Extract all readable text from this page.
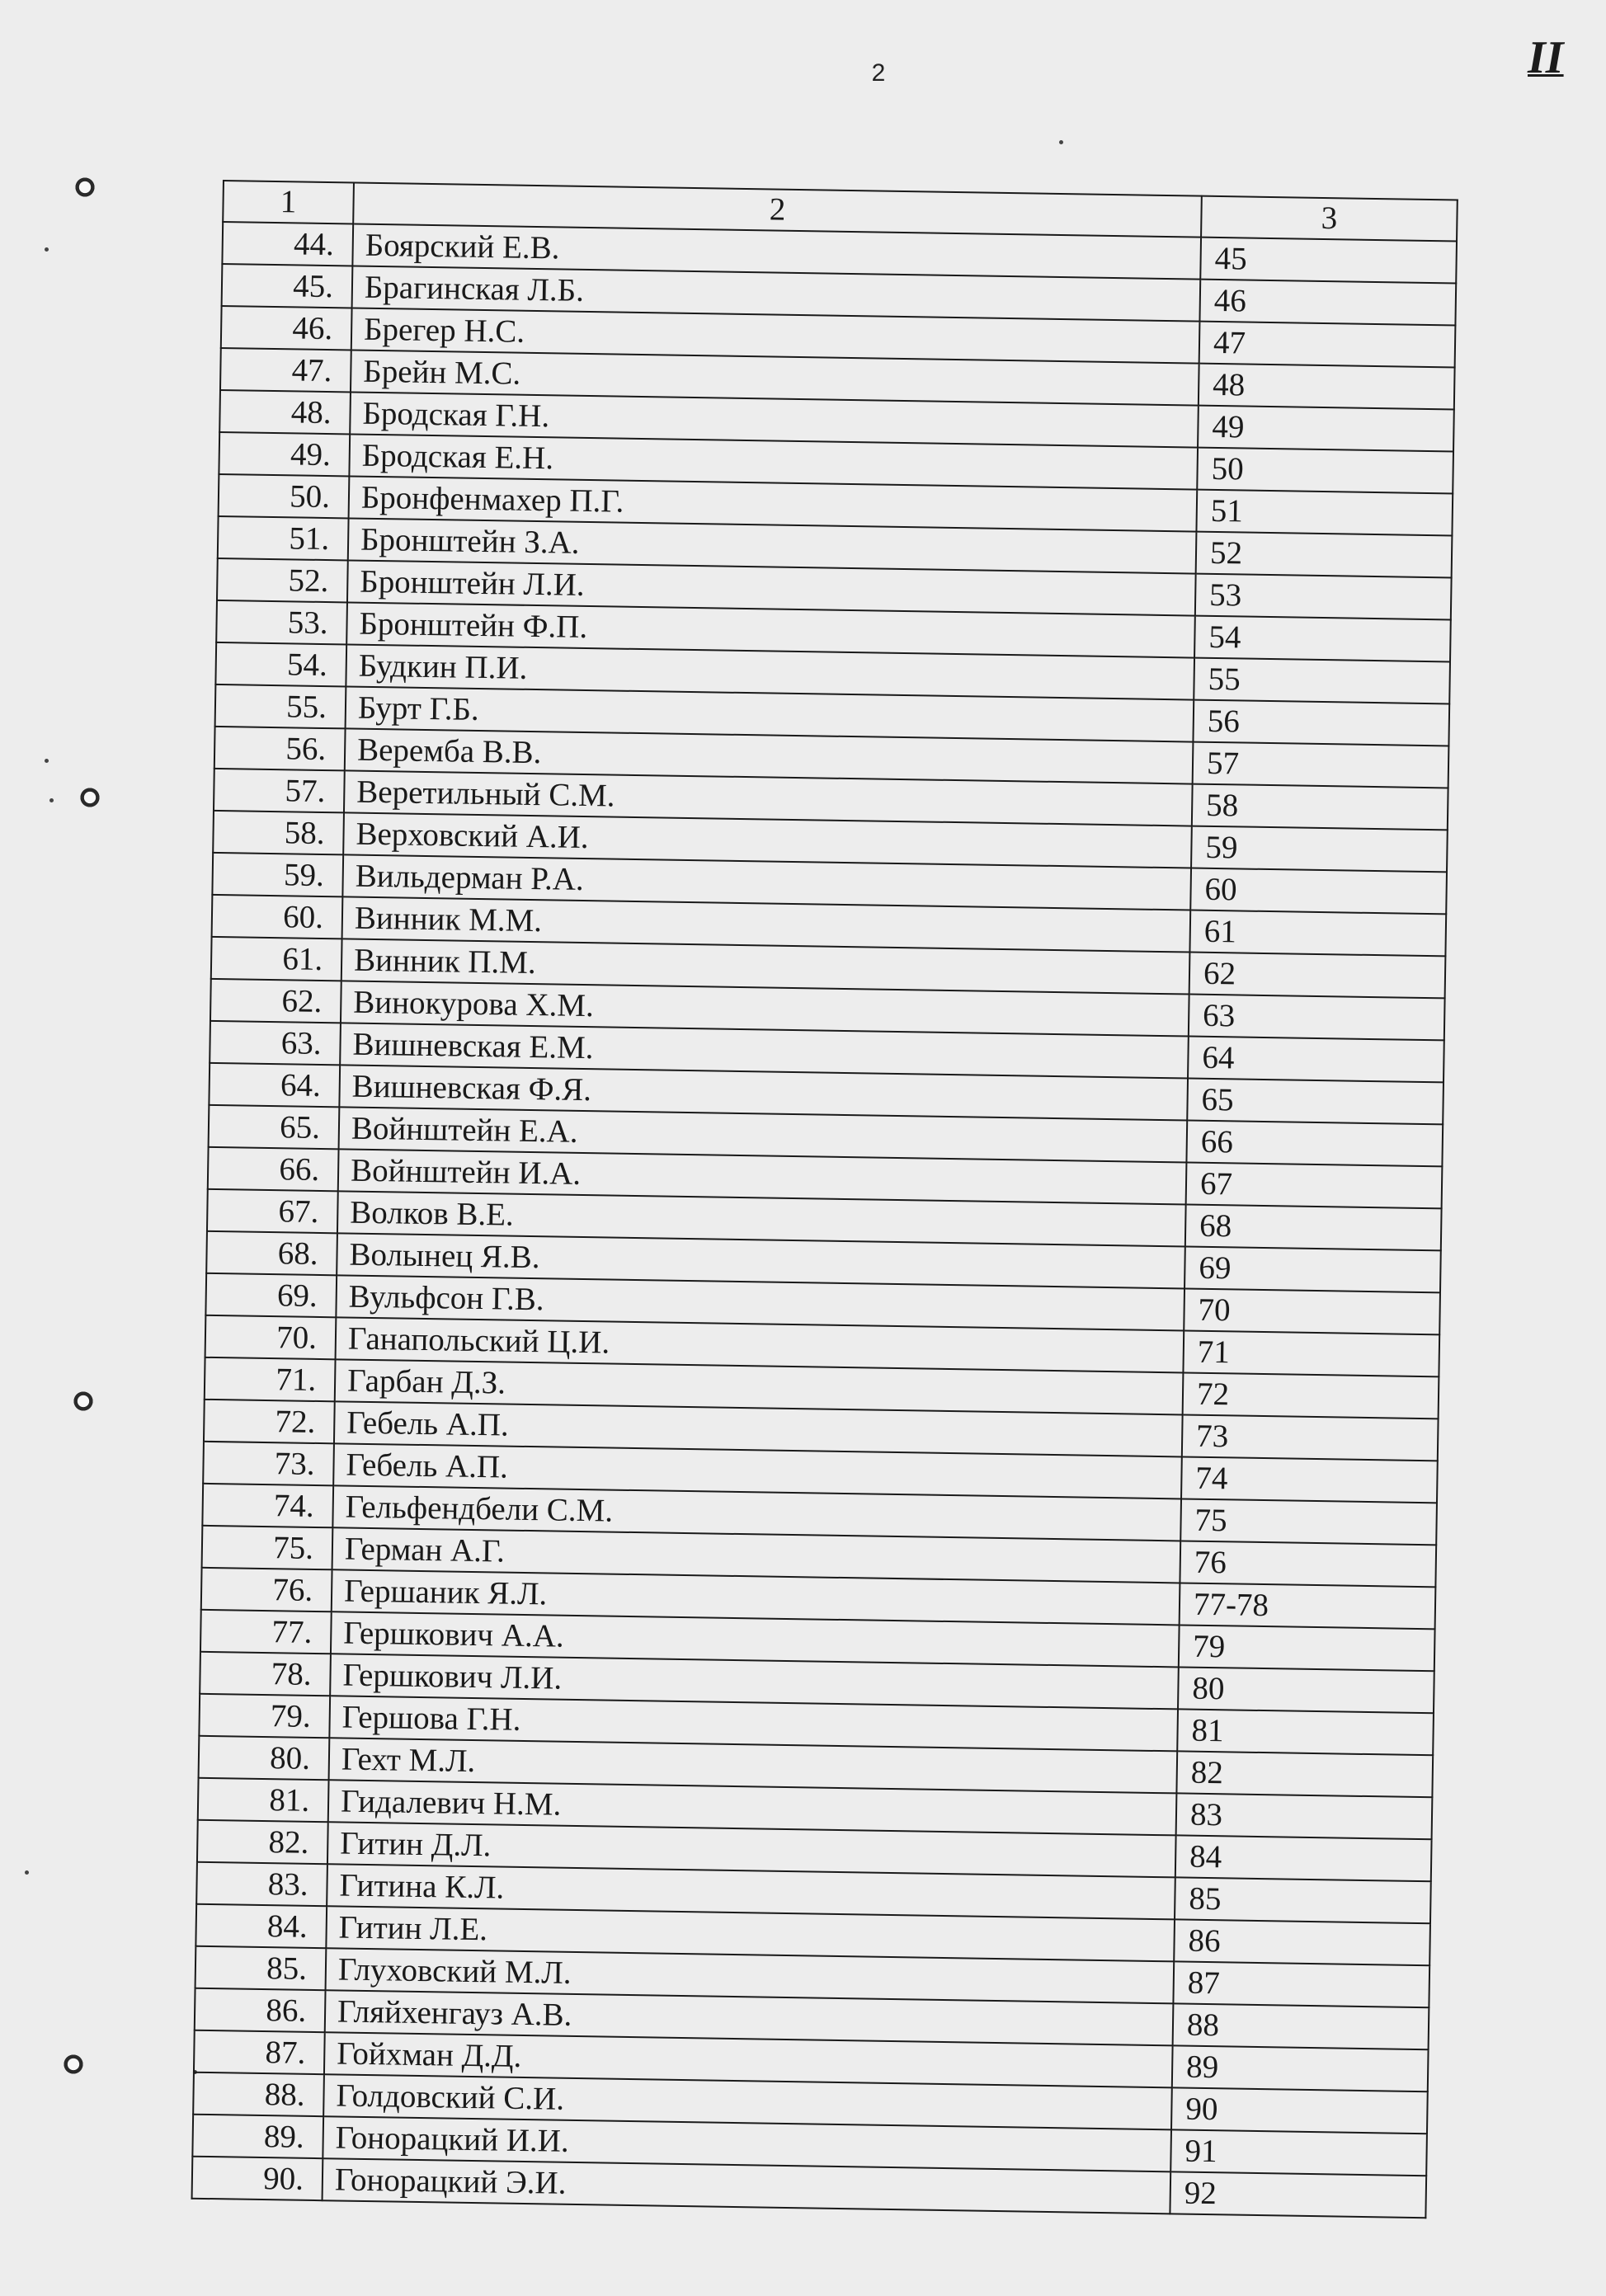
2	II
1	2	3
44.	Боярский Е.В.	45
45.	Брагинская Л.Б.	46
46.	Брегер Н.С.	47
47.	Брейн М.С.	48
48.	Бродская Г.Н.	49
49.	Бродская Е.Н.	50
50.	Бронфенмахер П.Г.	51
51.	Бронштейн З.А.	52
52.	Бронштейн Л.И.	53
53.	Бронштейн Ф.П.	54
54.	Будкин П.И.	55
55.	Бурт Г.Б.	56
56.	Веремба В.В.	57
57.	Веретильный С.М.	58
58.	Верховский А.И.	59
59.	Вильдерман Р.А.	60
60.	Винник М.М.	61
61.	Винник П.М.	62
62.	Винокурова Х.М.	63
63.	Вишневская Е.М.	64
64.	Вишневская Ф.Я.	65
65.	Войнштейн Е.А.	66
66.	Войнштейн И.А.	67
67.	Волков В.Е.	68
68.	Волынец Я.В.	69
69.	Вульфсон Г.В.	70
70.	Ганапольский Ц.И.	71
71.	Гарбан Д.З.	72
72.	Гебель А.П.	73
73.	Гебель А.П.	74
74.	Гельфендбели С.М.	75
75.	Герман А.Г.	76
76.	Гершаник Я.Л.	77-78
77.	Гершкович А.А.	79
78.	Гершкович Л.И.	80
79.	Гершова Г.Н.	81
80.	Гехт М.Л.	82
81.	Гидалевич Н.М.	83
82.	Гитин Д.Л.	84
83.	Гитина К.Л.	85
84.	Гитин Л.Е.	86
85.	Глуховский М.Л.	87
86.	Гляйхенгауз А.В.	88
87.	Гойхман Д.Д.	89
88.	Голдовский С.И.	90
89.	Гонорацкий И.И.	91
90.	Гонорацкий Э.И.	92
